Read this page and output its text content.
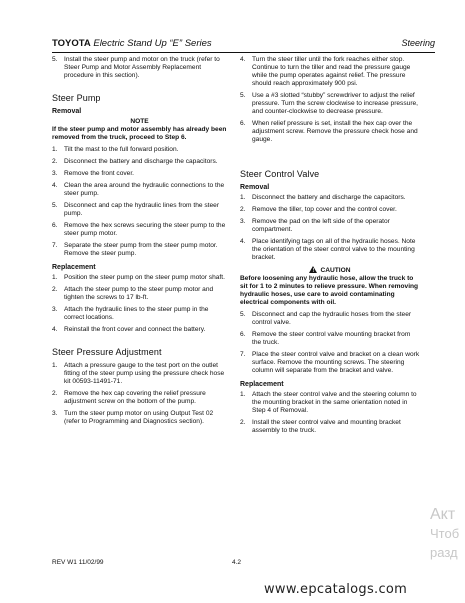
TOYOTA Electric Stand Up “E” Series	Steering
5. Install the steer pump and motor on the truck (refer to Steer Pump and Motor Assembly Replacement procedure in this section).
Steer Pump
Removal
NOTE

If the steer pump and motor assembly has already been removed from the truck, proceed to Step 6.

1. Tilt the mast to the full forward position.
2. Disconnect the battery and discharge the capacitors.
3. Remove the front cover.
4. Clean the area around the hydraulic connections to the steer pump.
5. Disconnect and cap the hydraulic lines from the steer pump.
6. Remove the hex screws securing the steer pump to the steer pump motor.
7. Separate the steer pump from the steer pump motor. Remove the steer pump.
Replacement
1. Position the steer pump on the steer pump motor shaft.
2. Attach the steer pump to the steer pump motor and tighten the screws to 17 lb-ft.
3. Attach the hydraulic lines to the steer pump in the correct locations.
4. Reinstall the front cover and connect the battery.
Steer Pressure Adjustment
1. Attach a pressure gauge to the test port on the outlet fitting of the steer pump using the pressure check hose kit 00593-11491-71.
2. Remove the hex cap covering the relief pressure adjustment screw on the bottom of the pump.
3. Turn the steer pump motor on using Output Test 02 (refer to Programming and Diagnostics section).
4. Turn the steer tiller until the fork reaches either stop. Continue to turn the tiller and read the pressure gauge while the pump operates against relief. The pressure should reach approximately 900 psi.
5. Use a #3 slotted “stubby” screwdriver to adjust the relief pressure. Turn the screw clockwise to increase pressure, and counter-clockwise to decrease pressure.
6. When relief pressure is set, install the hex cap over the adjustment screw. Remove the pressure check hose and gauge.
Steer Control Valve
Removal
1. Disconnect the battery and discharge the capacitors.
2. Remove the tiller, top cover and the control cover.
3. Remove the pad on the left side of the operator compartment.
4. Place identifying tags on all of the hydraulic hoses. Note the orientation of the steer control valve to the mounting bracket.
!CAUTION

Before loosening any hydraulic hose, allow the truck to sit for 1 to 2 minutes to relieve pressure. When removing hydraulic hoses, use care to avoid contaminating electrical components with oil.

5. Disconnect and cap the hydraulic hoses from the steer control valve.
6. Remove the steer control valve mounting bracket from the truck.
7. Place the steer control valve and bracket on a clean work surface. Remove the mounting screws. The steering column will separate from the bracket and valve.
Replacement
1. Attach the steer control valve and the steering column to the mounting bracket in the same orientation noted in Step 4 of Removal.
2. Install the steer control valve and mounting bracket assembly to the truck.
REV W1 11/02/99	4.2
Акт
Чтоб
разд
www.epcatalogs.com
